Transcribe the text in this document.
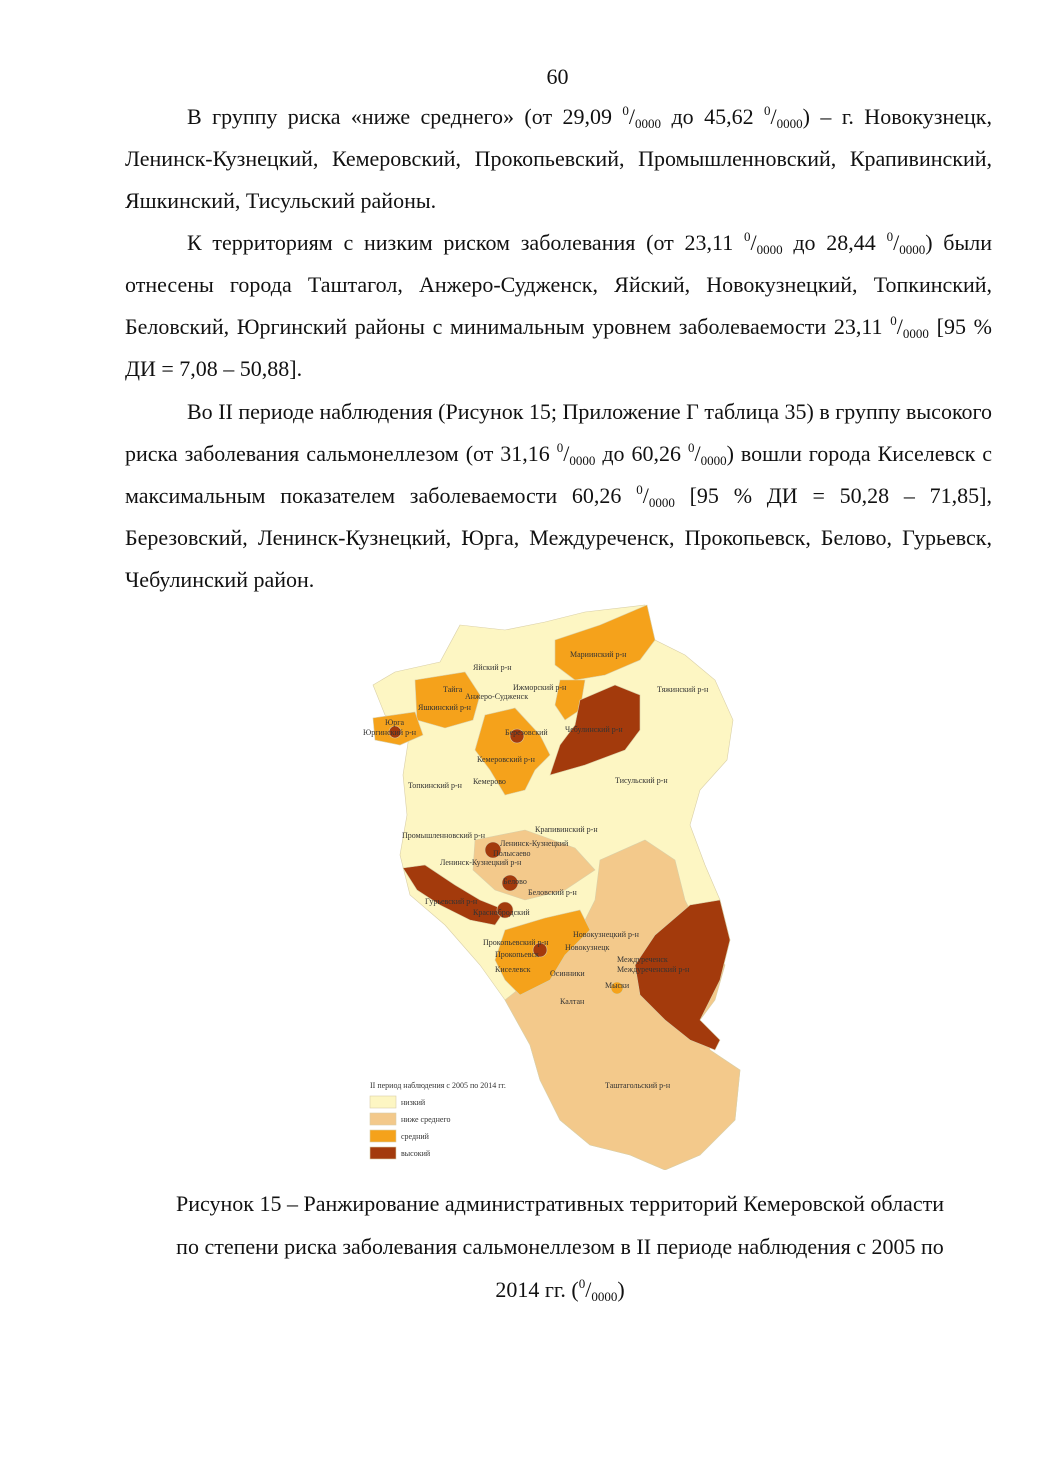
60

В группу риска «ниже среднего» (от 29,09 $^0/_{0000}$ до 45,62 $^0/_{0000}$) – г. Новокузнецк, Ленинск-Кузнецкий, Кемеровский, Прокопьевский, Промышленновский, Крапивинский, Яшкинский, Тисульский районы.

К территориям с низким риском заболевания (от 23,11 $^0/_{0000}$ до 28,44 $^0/_{0000}$) были отнесены города Таштагол, Анжеро-Судженск, Яйский, Новокузнецкий, Топкинский, Беловский, Юргинский районы с минимальным уровнем заболеваемости 23,11 $^0/_{0000}$ [95 % ДИ = 7,08 – 50,88].

Во II периоде наблюдения (Рисунок 15; Приложение Г таблица 35) в группу высокого риска заболевания сальмонеллезом (от 31,16 $^0/_{0000}$ до 60,26 $^0/_{0000}$) вошли города Киселевск с максимальным показателем заболеваемости 60,26 $^0/_{0000}$ [95 % ДИ = 50,28 – 71,85], Березовский, Ленинск-Кузнецкий, Юрга, Междуреченск, Прокопьевск, Белово, Гурьевск, Чебулинский район.

Яйский р-н
Мариинский р-н
Ижморский р-н
Анжеро-Судженск
Тайга	Тяжинский р-н
Яшкинский р-н
Юрга
Юргинский р-н	Березовский Чебулинский р-н
Кемеровский р-н
Кемерово
Топкинский р-н
Тисульский р-н
Промышленновский р-н
Крапивинский р-н
Ленинск-Кузнецкий
Полысаево
Ленинск-Кузнецкий р-н
Белово
Беловский р-н
Гурьевский р-н
Краснобродский
Прокопьевский р-н
Новокузнецкий р-н
Прокопьевск
Новокузнецк
Междуреченск
Междуреченский р-н
Киселевск Осинники
Мыски
Калтан
Таштагольский р-н
II период наблюдения с 2005 по 2014 гг.
низкий
ниже среднего
средний
высокий
Рисунок 15 – Ранжирование административных территорий Кемеровской области
по степени риска заболевания сальмонеллезом в II периоде наблюдения с 2005 по
2014 гг. $(^0/_{0000})$
